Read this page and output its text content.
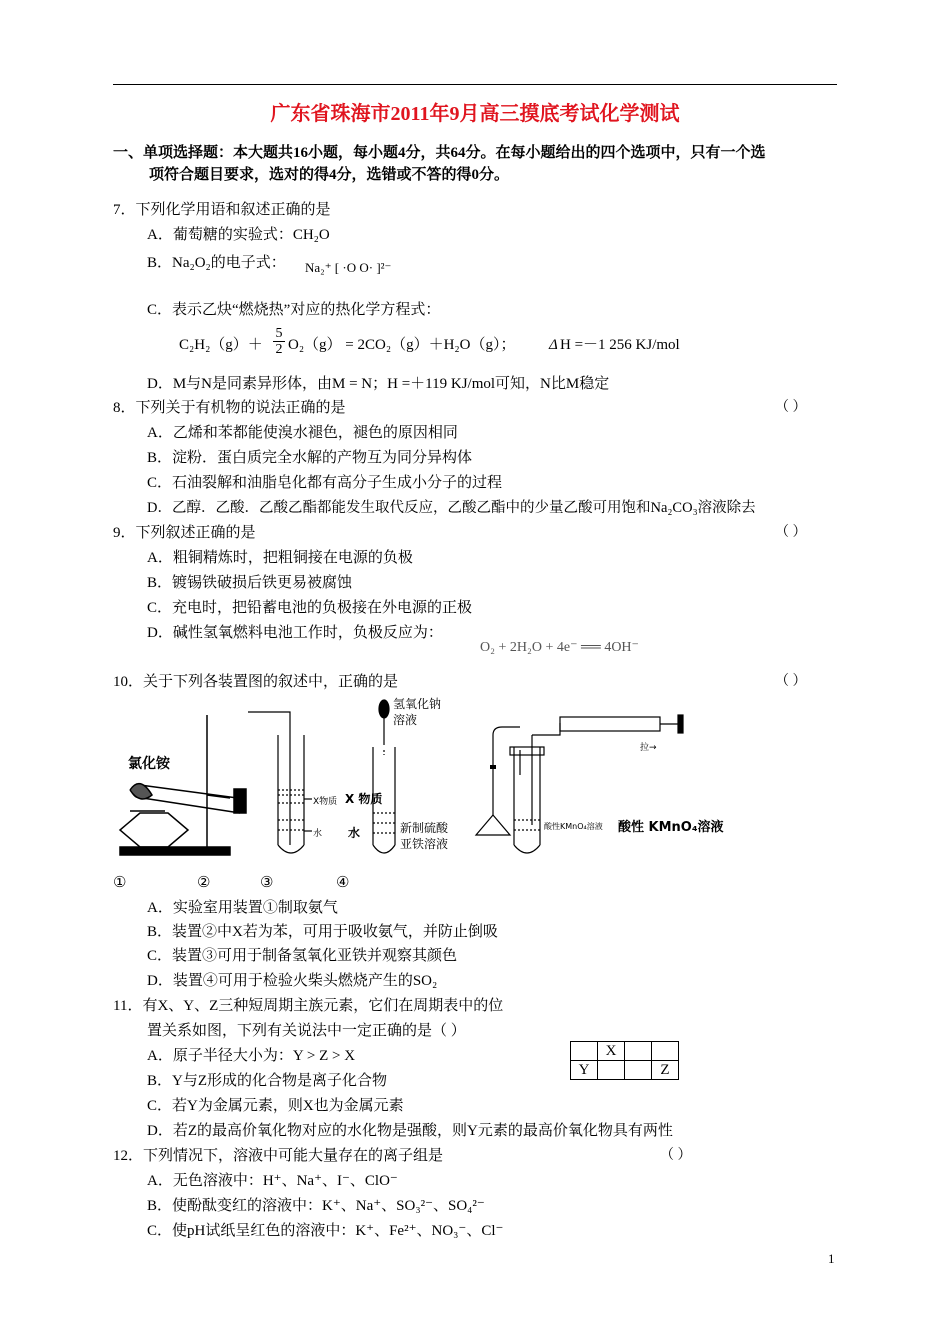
广东省珠海市2011年9月高三摸底考试化学测试
一、单项选择题：本大题共16小题，每小题4分，共64分。在每小题给出的四个选项中，只有一个选
项符合题目要求，选对的得4分，选错或不答的得0分。
7．下列化学用语和叙述正确的是
A．葡萄糖的实验式：CH₂O
B．Na₂O₂的电子式： Na₂⁺ [ ·O O· ]²⁻
C．表示乙炔“燃烧热”对应的热化学方程式：
$C_2H_2(g)+ \frac{5}{2} O_2(g) = 2CO_2(g)+H_2O(g)$； Δ H =－1 256 KJ/mol
D．M与N是同素异形体，由M = N；H =＋119 KJ/mol可知，N比M稳定
8．下列关于有机物的说法正确的是	（ ）
A．乙烯和苯都能使溴水褪色，褪色的原因相同
B．淀粉．蛋白质完全水解的产物互为同分异构体
C．石油裂解和油脂皂化都有高分子生成小分子的过程
D．乙醇．乙酸．乙酸乙酯都能发生取代反应，乙酸乙酯中的少量乙酸可用饱和Na₂CO₃溶液除去
9．下列叙述正确的是	（ ）
A．粗铜精炼时，把粗铜接在电源的负极
B．镀锡铁破损后铁更易被腐蚀
C．充电时，把铅蓄电池的负极接在外电源的正极
D．碱性氢氧燃料电池工作时，负极反应为：
O₂ + 2H₂O + 4e⁻ ══ 4OH⁻
10．关于下列各装置图的叙述中，正确的是	（ ）
氯化铵
X物质
水
X 物质
水
氢氧化钠
溶液
新制硫酸
亚铁溶液
拉→
酸性KMnO₄溶液 酸性 KMnO₄溶液
①	②	③	④
A．实验室用装置①制取氨气
B．装置②中X若为苯，可用于吸收氨气，并防止倒吸
C．装置③可用于制备氢氧化亚铁并观察其颜色
D．装置④可用于检验火柴头燃烧产生的SO₂
11．有X、Y、Z三种短周期主族元素，它们在周期表中的位
置关系如图，下列有关说法中一定正确的是（ ）
A．原子半径大小为：Y > Z > X
B．Y与Z形成的化合物是离子化合物
C．若Y为金属元素，则X也为金属元素
D．若Z的最高价氧化物对应的水化物是强酸，则Y元素的最高价氧化物具有两性
	X		
Y			Z
12．下列情况下，溶液中可能大量存在的离子组是	（ ）
A．无色溶液中：H⁺、Na⁺、I⁻、ClO⁻
B．使酚酞变红的溶液中：K⁺、Na⁺、SO₃²⁻、SO₄²⁻
C．使pH试纸呈红色的溶液中：K⁺、Fe²⁺、NO₃⁻、Cl⁻
1
